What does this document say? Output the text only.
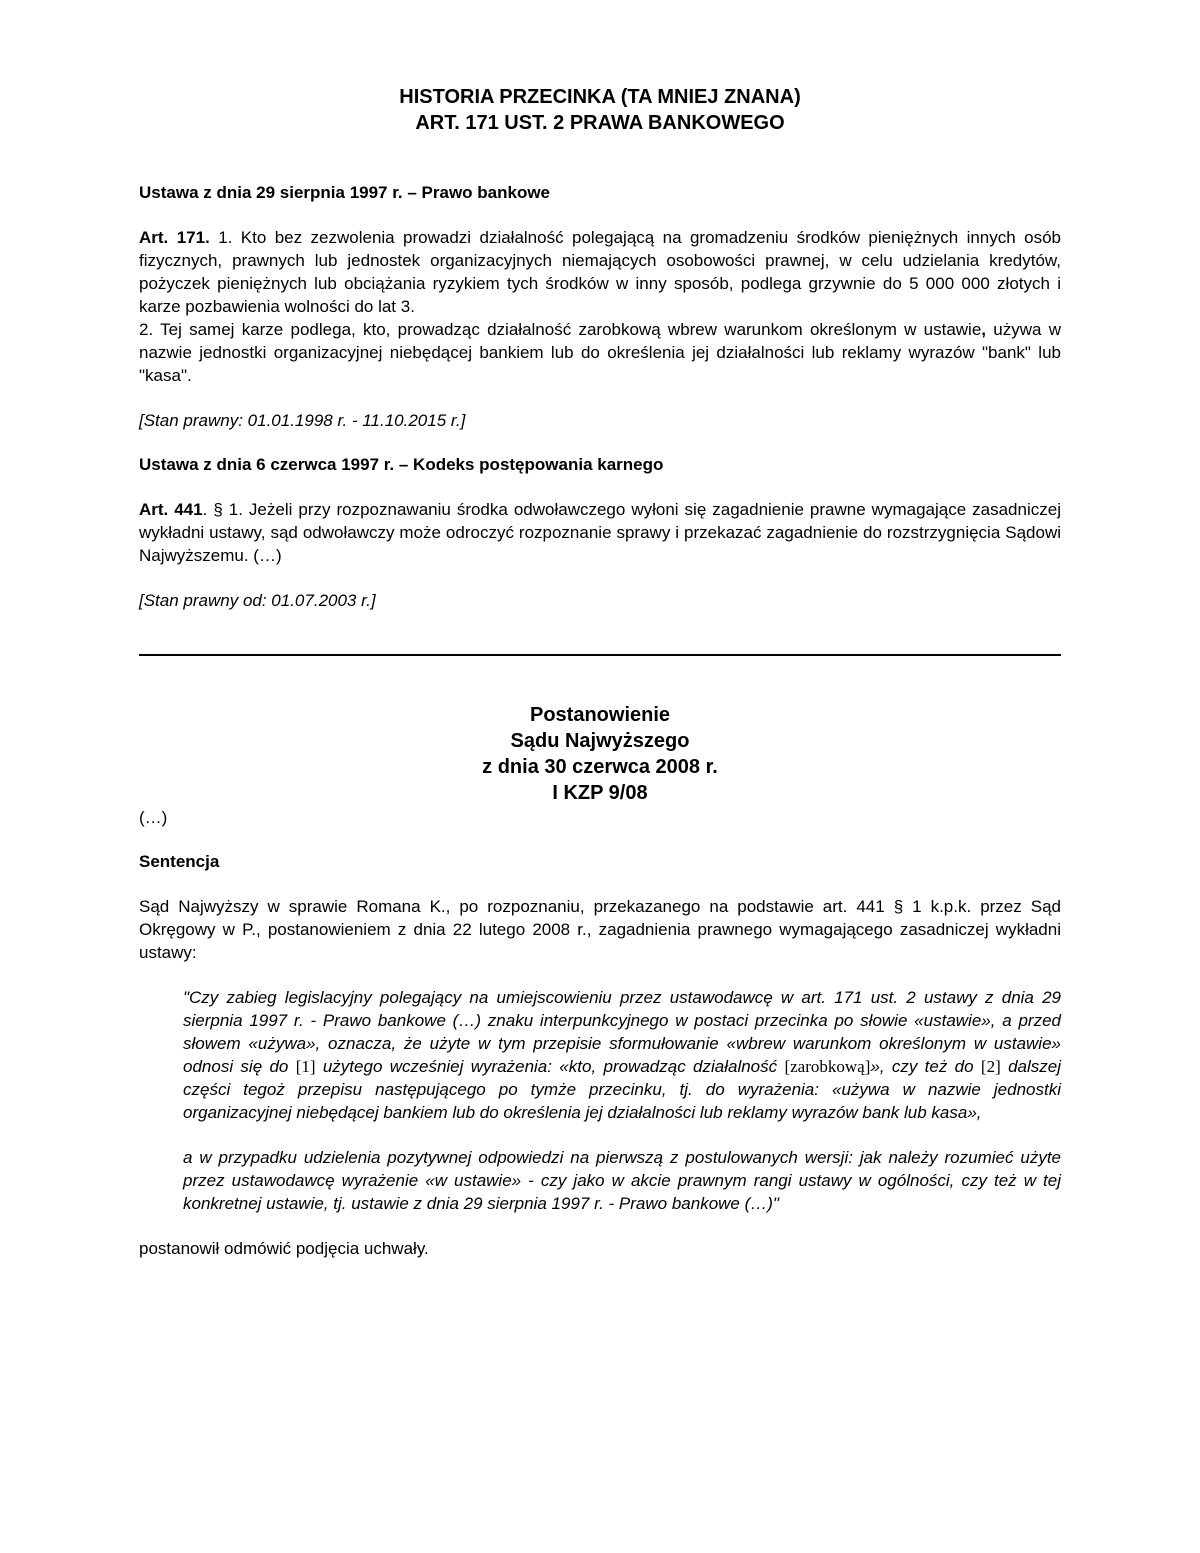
HISTORIA PRZECINKA (TA MNIEJ ZNANA)

ART. 171 UST. 2 PRAWA BANKOWEGO

Ustawa z dnia 29 sierpnia 1997 r. – Prawo bankowe

Art. 171. 1. Kto bez zezwolenia prowadzi działalność polegającą na gromadzeniu środków pieniężnych innych osób fizycznych, prawnych lub jednostek organizacyjnych niemających osobowości prawnej, w celu udzielania kredytów, pożyczek pieniężnych lub obciążania ryzykiem tych środków w inny sposób, podlega grzywnie do 5 000 000 złotych i karze pozbawienia wolności do lat 3.

2. Tej samej karze podlega, kto, prowadząc działalność zarobkową wbrew warunkom określonym w ustawie, używa w nazwie jednostki organizacyjnej niebędącej bankiem lub do określenia jej działalności lub reklamy wyrazów "bank" lub "kasa".

[Stan prawny: 01.01.1998 r. - 11.10.2015 r.]

Ustawa z dnia 6 czerwca 1997 r. – Kodeks postępowania karnego

Art. 441. § 1. Jeżeli przy rozpoznawaniu środka odwoławczego wyłoni się zagadnienie prawne wymagające zasadniczej wykładni ustawy, sąd odwoławczy może odroczyć rozpoznanie sprawy i przekazać zagadnienie do rozstrzygnięcia Sądowi Najwyższemu. (…)

[Stan prawny od: 01.07.2003 r.]

Postanowienie

Sądu Najwyższego

z dnia 30 czerwca 2008 r.

I KZP 9/08

(…)

Sentencja

Sąd Najwyższy w sprawie Romana K., po rozpoznaniu, przekazanego na podstawie art. 441 § 1 k.p.k. przez Sąd Okręgowy w P., postanowieniem z dnia 22 lutego 2008 r., zagadnienia prawnego wymagającego zasadniczej wykładni ustawy:

"Czy zabieg legislacyjny polegający na umiejscowieniu przez ustawodawcę w art. 171 ust. 2 ustawy z dnia 29 sierpnia 1997 r. - Prawo bankowe (…) znaku interpunkcyjnego w postaci przecinka po słowie «ustawie», a przed słowem «używa», oznacza, że użyte w tym przepisie sformułowanie «wbrew warunkom określonym w ustawie» odnosi się do [1] użytego wcześniej wyrażenia: «kto, prowadząc działalność [zarobkową]», czy też do [2] dalszej części tegoż przepisu następującego po tymże przecinku, tj. do wyrażenia: «używa w nazwie jednostki organizacyjnej niebędącej bankiem lub do określenia jej działalności lub reklamy wyrazów bank lub kasa»,

a w przypadku udzielenia pozytywnej odpowiedzi na pierwszą z postulowanych wersji: jak należy rozumieć użyte przez ustawodawcę wyrażenie «w ustawie» - czy jako w akcie prawnym rangi ustawy w ogólności, czy też w tej konkretnej ustawie, tj. ustawie z dnia 29 sierpnia 1997 r. - Prawo bankowe (…)"

postanowił odmówić podjęcia uchwały.
